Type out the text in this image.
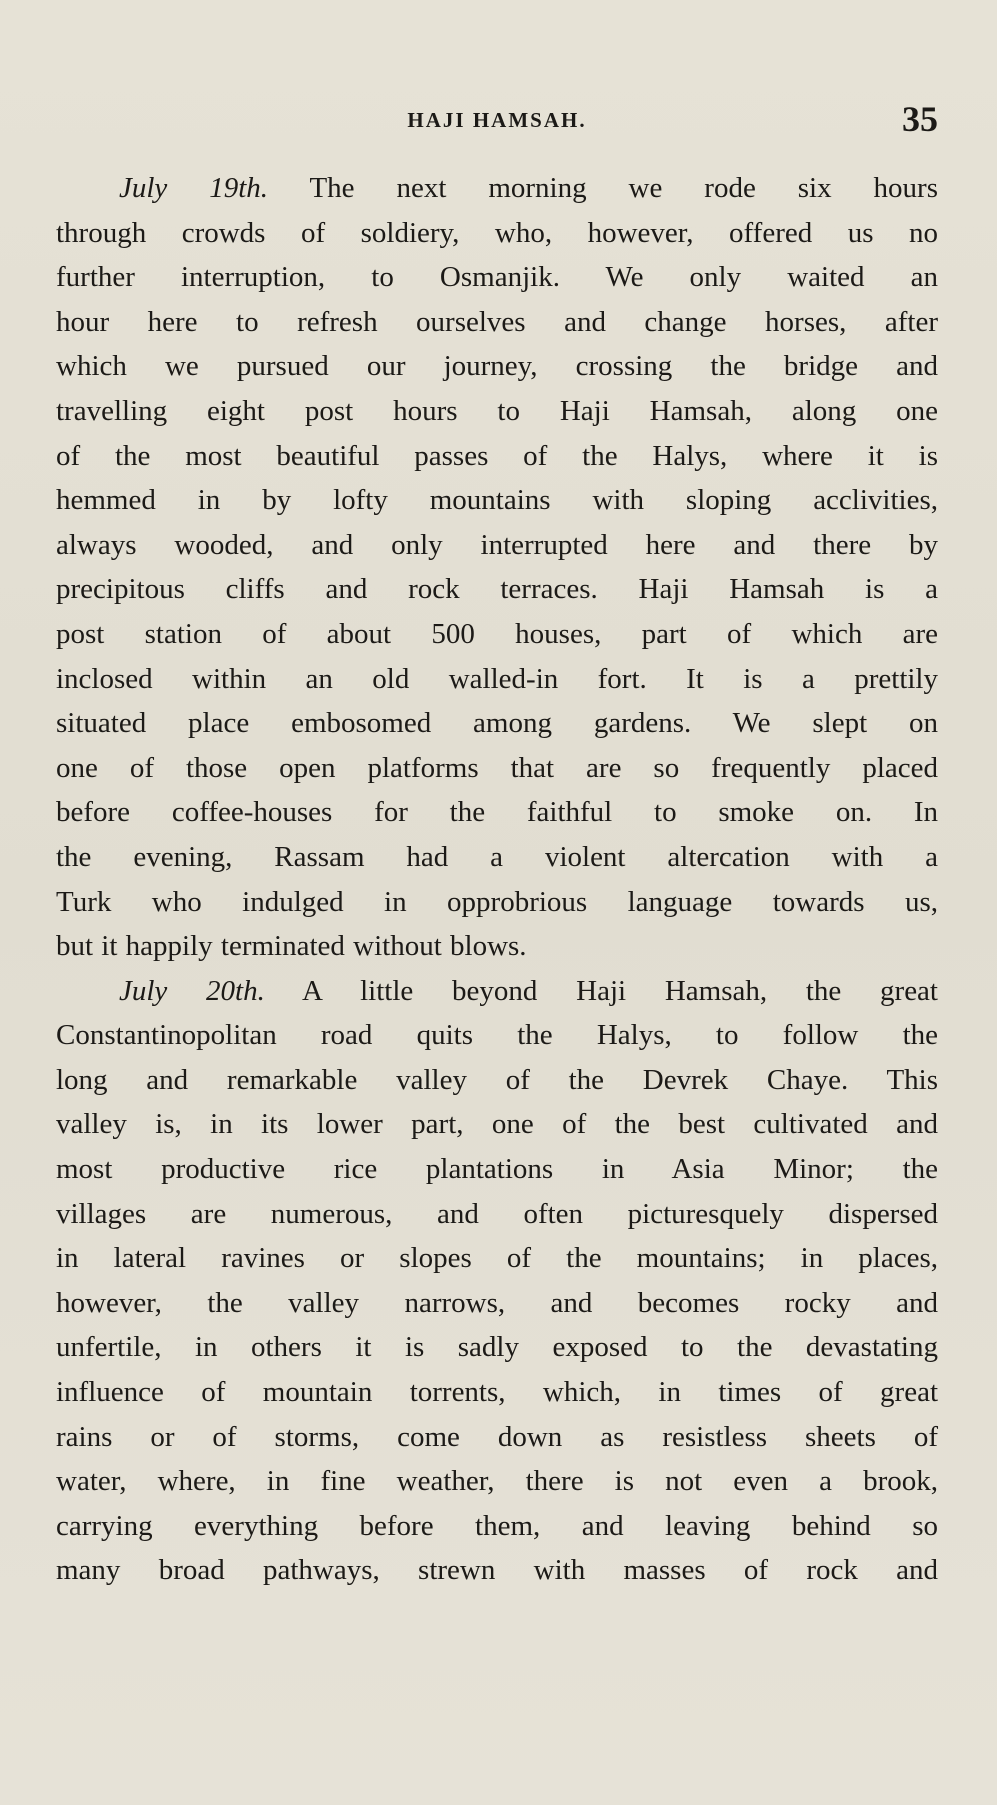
HAJI HAMSAH.	35
July 19th. The next morning we rode six hours
through crowds of soldiery, who, however, offered us no
further interruption, to Osmanjik. We only waited an
hour here to refresh ourselves and change horses, after
which we pursued our journey, crossing the bridge and
travelling eight post hours to Haji Hamsah, along one
of the most beautiful passes of the Halys, where it is
hemmed in by lofty mountains with sloping acclivities,
always wooded, and only interrupted here and there by
precipitous cliffs and rock terraces. Haji Hamsah is a
post station of about 500 houses, part of which are
inclosed within an old walled-in fort. It is a prettily
situated place embosomed among gardens. We slept on
one of those open platforms that are so frequently placed
before coffee-houses for the faithful to smoke on. In
the evening, Rassam had a violent altercation with a
Turk who indulged in opprobrious language towards us,
but it happily terminated without blows.
July 20th. A little beyond Haji Hamsah, the great
Constantinopolitan road quits the Halys, to follow the
long and remarkable valley of the Devrek Chaye. This
valley is, in its lower part, one of the best cultivated and
most productive rice plantations in Asia Minor; the
villages are numerous, and often picturesquely dispersed
in lateral ravines or slopes of the mountains; in places,
however, the valley narrows, and becomes rocky and
unfertile, in others it is sadly exposed to the devastating
influence of mountain torrents, which, in times of great
rains or of storms, come down as resistless sheets of
water, where, in fine weather, there is not even a brook,
carrying everything before them, and leaving behind so
many broad pathways, strewn with masses of rock and
